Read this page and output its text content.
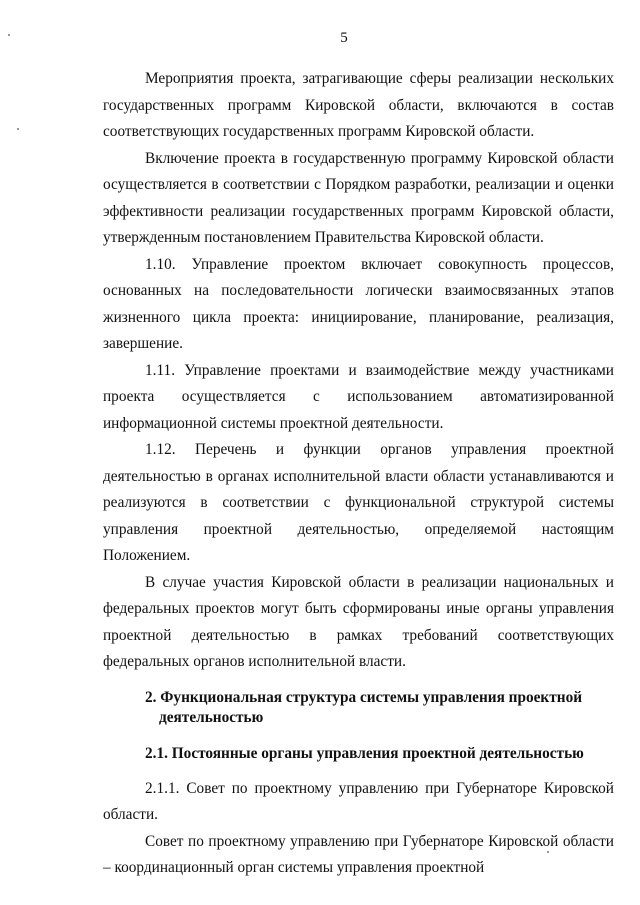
5

Мероприятия проекта, затрагивающие сферы реализации нескольких государственных программ Кировской области, включаются в состав соответствующих государственных программ Кировской области.

Включение проекта в государственную программу Кировской области осуществляется в соответствии с Порядком разработки, реализации и оценки эффективности реализации государственных программ Кировской области, утвержденным постановлением Правительства Кировской области.

1.10. Управление проектом включает совокупность процессов, основанных на последовательности логически взаимосвязанных этапов жизненного цикла проекта: инициирование, планирование, реализация, завершение.

1.11. Управление проектами и взаимодействие между участниками проекта осуществляется с использованием автоматизированной информационной системы проектной деятельности.

1.12. Перечень и функции органов управления проектной деятельностью в органах исполнительной власти области устанавливаются и реализуются в соответствии с функциональной структурой системы управления проектной деятельностью, определяемой настоящим Положением.

В случае участия Кировской области в реализации национальных и федеральных проектов могут быть сформированы иные органы управления проектной деятельностью в рамках требований соответствующих федеральных органов исполнительной власти.

2. Функциональная структура системы управления проектной
деятельностью
2.1. Постоянные органы управления проектной деятельностью

2.1.1. Совет по проектному управлению при Губернаторе Кировской области.

Совет по проектному управлению при Губернаторе Кировской области – координационный орган системы управления проектной
